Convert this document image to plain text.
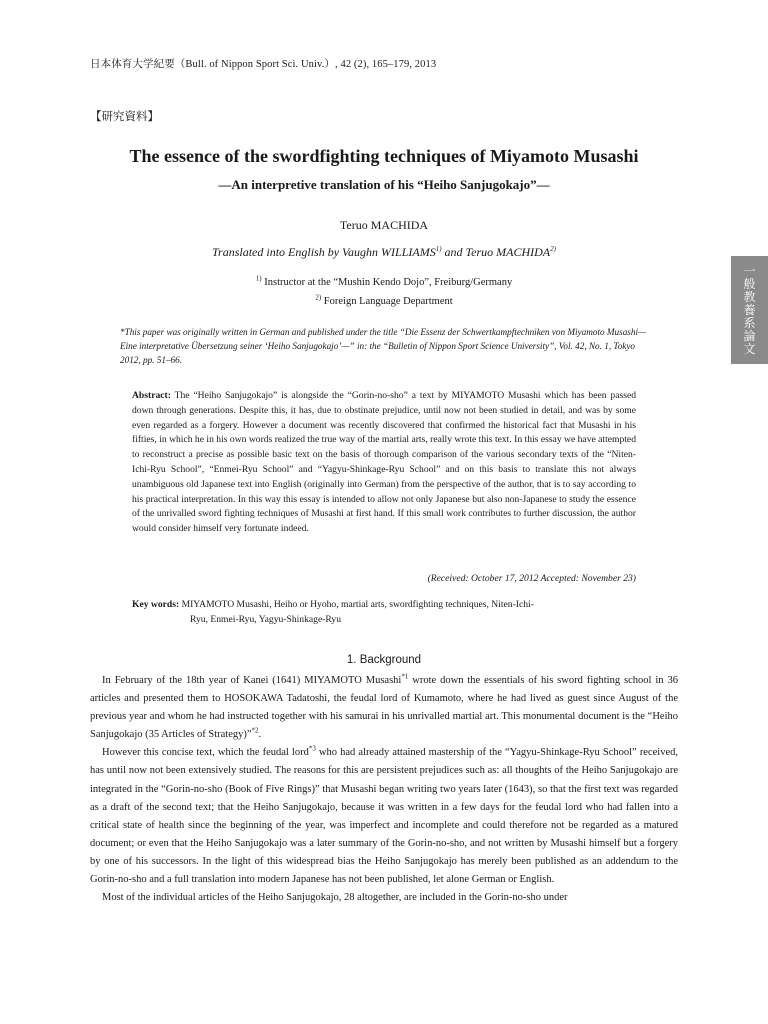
日本体育大学紀要（Bull. of Nippon Sport Sci. Univ.）, 42 (2), 165–179, 2013
【研究資料】
一
般
教
養
系
論
文
The essence of the swordfighting techniques of Miyamoto Musashi
—An interpretive translation of his “Heiho Sanjugokajo”—
Teruo MACHIDA
Translated into English by Vaughn WILLIAMS$^{1)}$ and Teruo MACHIDA$^{2)}$
$^{1)}$ Instructor at the “Mushin Kendo Dojo”, Freiburg/Germany
$^{2)}$ Foreign Language Department
*This paper was originally written in German and published under the title “Die Essenz der Schwertkampftechniken von Miyamoto Musashi—Eine interpretative Übersetzung seiner ‘Heiho Sanjugokajo’—” in: the “Bulletin of Nippon Sport Science University”, Vol. 42, No. 1, Tokyo 2012, pp. 51–66.
Abstract: The “Heiho Sanjugokajo” is alongside the “Gorin-no-sho” a text by MIYAMOTO Musashi which has been passed down through generations. Despite this, it has, due to obstinate prejudice, until now not been studied in detail, and was by some even regarded as a forgery. However a document was recently discovered that confirmed the historical fact that Musashi in his fifties, in which he in his own words realized the true way of the martial arts, really wrote this text. In this essay we have attempted to reconstruct a precise as possible basic text on the basis of thorough comparison of the various secondary texts of the “Niten-Ichi-Ryu School”, “Enmei-Ryu School” and “Yagyu-Shinkage-Ryu School” and on this basis to translate this not always unambiguous old Japanese text into English (originally into German) from the perspective of the author, that is to say according to his practical interpretation. In this way this essay is intended to allow not only Japanese but also non-Japanese to study the essence of the unrivalled sword fighting techniques of Musashi at first hand. If this small work contributes to further discussion, the author would consider himself very fortunate indeed.
(Received: October 17, 2012 Accepted: November 23)
Key words: MIYAMOTO Musashi, Heiho or Hyoho, martial arts, swordfighting techniques, Niten-Ichi-
Ryu, Enmei-Ryu, Yagyu-Shinkage-Ryu
1. Background

In February of the 18th year of Kanei (1641) MIYAMOTO Musashi$^{*1}$ wrote down the essentials of his sword fighting school in 36 articles and presented them to HOSOKAWA Tadatoshi, the feudal lord of Kumamoto, where he had lived as guest since August of the previous year and whom he had instructed together with his samurai in his unrivalled martial art. This monumental document is the “Heiho Sanjugokajo (35 Articles of Strategy)”$^{*2}$.

However this concise text, which the feudal lord$^{*3}$ who had already attained mastership of the “Yagyu-Shinkage-Ryu School” received, has until now not been extensively studied. The reasons for this are persistent prejudices such as: all thoughts of the Heiho Sanjugokajo are integrated in the “Gorin-no-sho (Book of Five Rings)” that Musashi began writing two years later (1643), so that the first text was regarded as a draft of the second text; that the Heiho Sanjugokajo, because it was written in a few days for the feudal lord who had fallen into a critical state of health since the beginning of the year, was imperfect and incomplete and could therefore not be regarded as a matured document; or even that the Heiho Sanjugokajo was a later summary of the Gorin-no-sho, and not written by Musashi himself but a forgery by one of his successors. In the light of this widespread bias the Heiho Sanjugokajo has merely been published as an addendum to the Gorin-no-sho and a full translation into modern Japanese has not been published, let alone German or English.

Most of the individual articles of the Heiho Sanjugokajo, 28 altogether, are included in the Gorin-no-sho under
